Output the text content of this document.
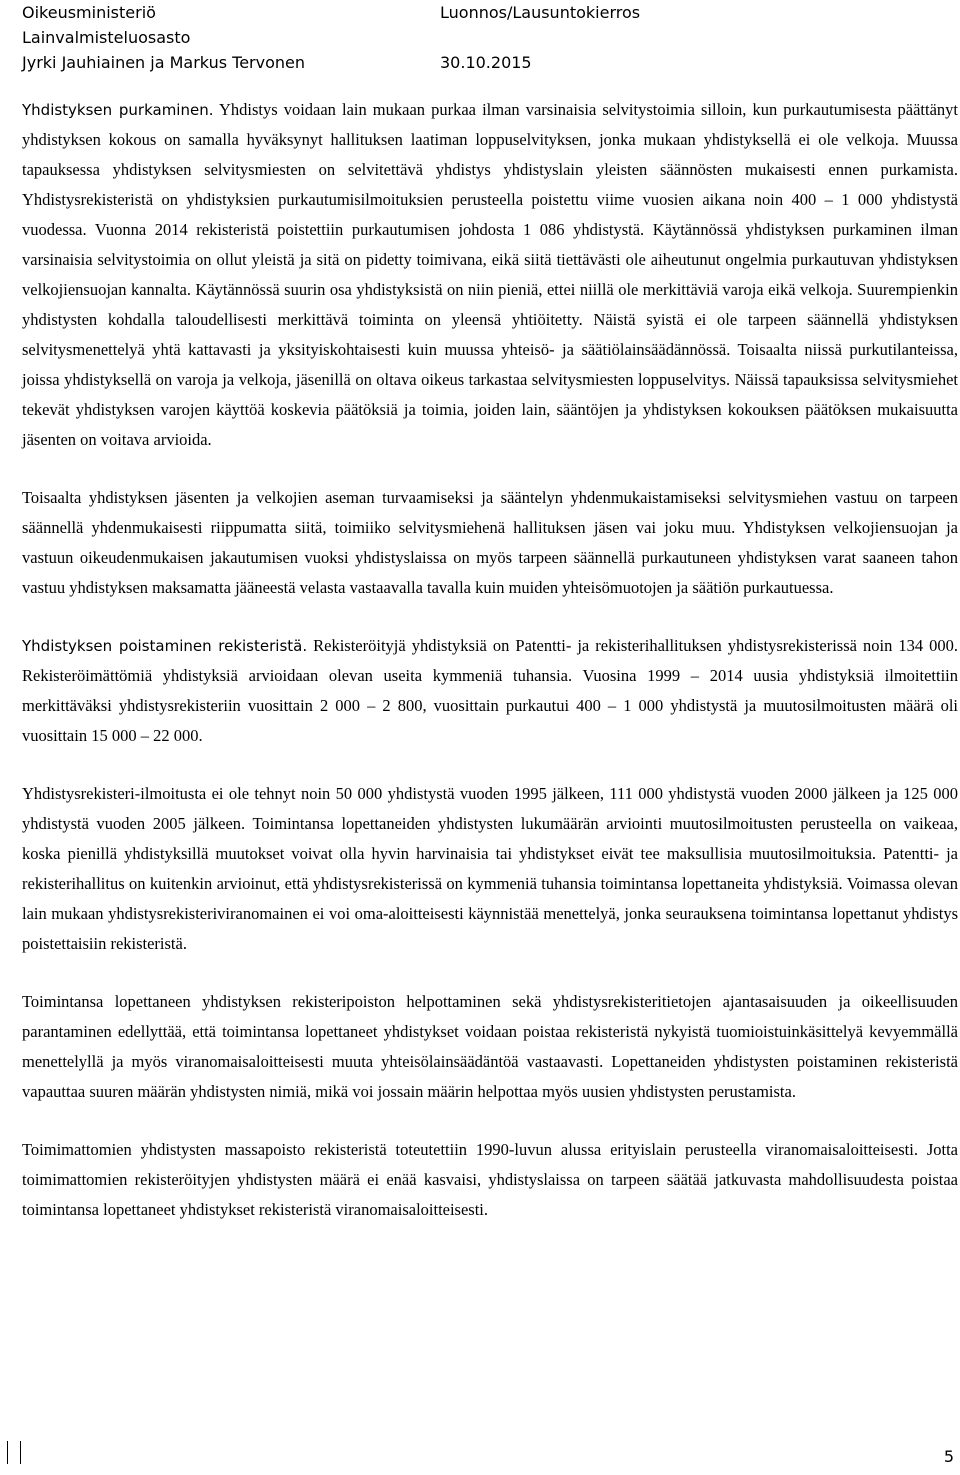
Oikeusministeriö	Luonnos/Lausuntokierros
Lainvalmisteluosasto
Jyrki Jauhiainen ja Markus Tervonen	30.10.2015

Yhdistyksen purkaminen. Yhdistys voidaan lain mukaan purkaa ilman varsinaisia selvitystoimia silloin, kun purkautumisesta päättänyt yhdistyksen kokous on samalla hyväksynyt hallituksen laatiman loppuselvityksen, jonka mukaan yhdistyksellä ei ole velkoja. Muussa tapauksessa yhdistyksen selvitysmiesten on selvitettävä yhdistys yhdistyslain yleisten säännösten mukaisesti ennen purkamista. Yhdistysrekisteristä on yhdistyksien purkautumisilmoituksien perusteella poistettu viime vuosien aikana noin 400 – 1 000 yhdistystä vuodessa. Vuonna 2014 rekisteristä poistettiin purkautumisen johdosta 1 086 yhdistystä. Käytännössä yhdistyksen purkaminen ilman varsinaisia selvitystoimia on ollut yleistä ja sitä on pidetty toimivana, eikä siitä tiettävästi ole aiheutunut ongelmia purkautuvan yhdistyksen velkojiensuojan kannalta. Käytännössä suurin osa yhdistyksistä on niin pieniä, ettei niillä ole merkittäviä varoja eikä velkoja. Suurempienkin yhdistysten kohdalla taloudellisesti merkittävä toiminta on yleensä yhtiöitetty. Näistä syistä ei ole tarpeen säännellä yhdistyksen selvitysmenettelyä yhtä kattavasti ja yksityiskohtaisesti kuin muussa yhteisö- ja säätiölainsäädännössä. Toisaalta niissä purkutilanteissa, joissa yhdistyksellä on varoja ja velkoja, jäsenillä on oltava oikeus tarkastaa selvitysmiesten loppuselvitys. Näissä tapauksissa selvitysmiehet tekevät yhdistyksen varojen käyttöä koskevia päätöksiä ja toimia, joiden lain, sääntöjen ja yhdistyksen kokouksen päätöksen mukaisuutta jäsenten on voitava arvioida.

Toisaalta yhdistyksen jäsenten ja velkojien aseman turvaamiseksi ja sääntelyn yhdenmukaistamiseksi selvitysmiehen vastuu on tarpeen säännellä yhdenmukaisesti riippumatta siitä, toimiiko selvitysmiehenä hallituksen jäsen vai joku muu. Yhdistyksen velkojiensuojan ja vastuun oikeudenmukaisen jakautumisen vuoksi yhdistyslaissa on myös tarpeen säännellä purkautuneen yhdistyksen varat saaneen tahon vastuu yhdistyksen maksamatta jääneestä velasta vastaavalla tavalla kuin muiden yhteisömuotojen ja säätiön purkautuessa.

Yhdistyksen poistaminen rekisteristä. Rekisteröityjä yhdistyksiä on Patentti- ja rekisterihallituksen yhdistysrekisterissä noin 134 000. Rekisteröimättömiä yhdistyksiä arvioidaan olevan useita kymmeniä tuhansia. Vuosina 1999 – 2014 uusia yhdistyksiä ilmoitettiin merkittäväksi yhdistysrekisteriin vuosittain 2 000 – 2 800, vuosittain purkautui 400 – 1 000 yhdistystä ja muutosilmoitusten määrä oli vuosittain 15 000 – 22 000.

Yhdistysrekisteri-ilmoitusta ei ole tehnyt noin 50 000 yhdistystä vuoden 1995 jälkeen, 111 000 yhdistystä vuoden 2000 jälkeen ja 125 000 yhdistystä vuoden 2005 jälkeen. Toimintansa lopettaneiden yhdistysten lukumäärän arviointi muutosilmoitusten perusteella on vaikeaa, koska pienillä yhdistyksillä muutokset voivat olla hyvin harvinaisia tai yhdistykset eivät tee maksullisia muutosilmoituksia. Patentti- ja rekisterihallitus on kuitenkin arvioinut, että yhdistysrekisterissä on kymmeniä tuhansia toimintansa lopettaneita yhdistyksiä. Voimassa olevan lain mukaan yhdistysrekisteriviranomainen ei voi oma-aloitteisesti käynnistää menettelyä, jonka seurauksena toimintansa lopettanut yhdistys poistettaisiin rekisteristä.

Toimintansa lopettaneen yhdistyksen rekisteripoiston helpottaminen sekä yhdistysrekisteritietojen ajantasaisuuden ja oikeellisuuden parantaminen edellyttää, että toimintansa lopettaneet yhdistykset voidaan poistaa rekisteristä nykyistä tuomioistuinkäsittelyä kevyemmällä menettelyllä ja myös viranomaisaloitteisesti muuta yhteisölainsäädäntöä vastaavasti. Lopettaneiden yhdistysten poistaminen rekisteristä vapauttaa suuren määrän yhdistysten nimiä, mikä voi jossain määrin helpottaa myös uusien yhdistysten perustamista.

Toimimattomien yhdistysten massapoisto rekisteristä toteutettiin 1990-luvun alussa erityislain perusteella viranomaisaloitteisesti. Jotta toimimattomien rekisteröityjen yhdistysten määrä ei enää kasvaisi, yhdistyslaissa on tarpeen säätää jatkuvasta mahdollisuudesta poistaa toimintansa lopettaneet yhdistykset rekisteristä viranomaisaloitteisesti.

5
